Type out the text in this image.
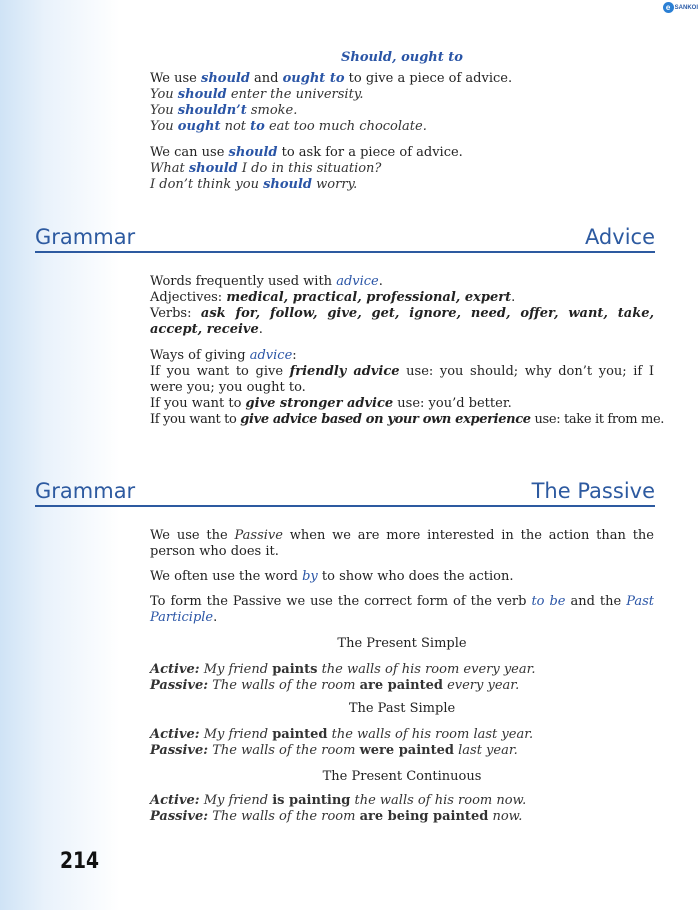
e SANKOI

Should, ought to

We use should and ought to to give a piece of advice.

You should enter the university.

You shouldn’t smoke.

You ought not to eat too much chocolate.

We can use should to ask for a piece of advice.

What should I do in this situation?

I don’t think you should worry.

Grammar	Advice

Words frequently used with advice.

Adjectives: medical, practical, professional, expert.

Verbs: ask for, follow, give, get, ignore, need, offer, want, take, accept, receive.

Ways of giving advice:

If you want to give friendly advice use: you should; why don’t you; if I were you; you ought to.

If you want to give stronger advice use: you’d better.

If you want to give advice based on your own experience use: take it from me.

Grammar	The Passive

We use the Passive when we are more interested in the action than the person who does it.

We often use the word by to show who does the action.

To form the Passive we use the correct form of the verb to be and the Past Participle.

The Present Simple

Active: My friend paints the walls of his room every year.

Passive: The walls of the room are painted every year.

The Past Simple

Active: My friend painted the walls of his room last year.

Passive: The walls of the room were painted last year.

The Present Continuous

Active: My friend is painting the walls of his room now.

Passive: The walls of the room are being painted now.

214
